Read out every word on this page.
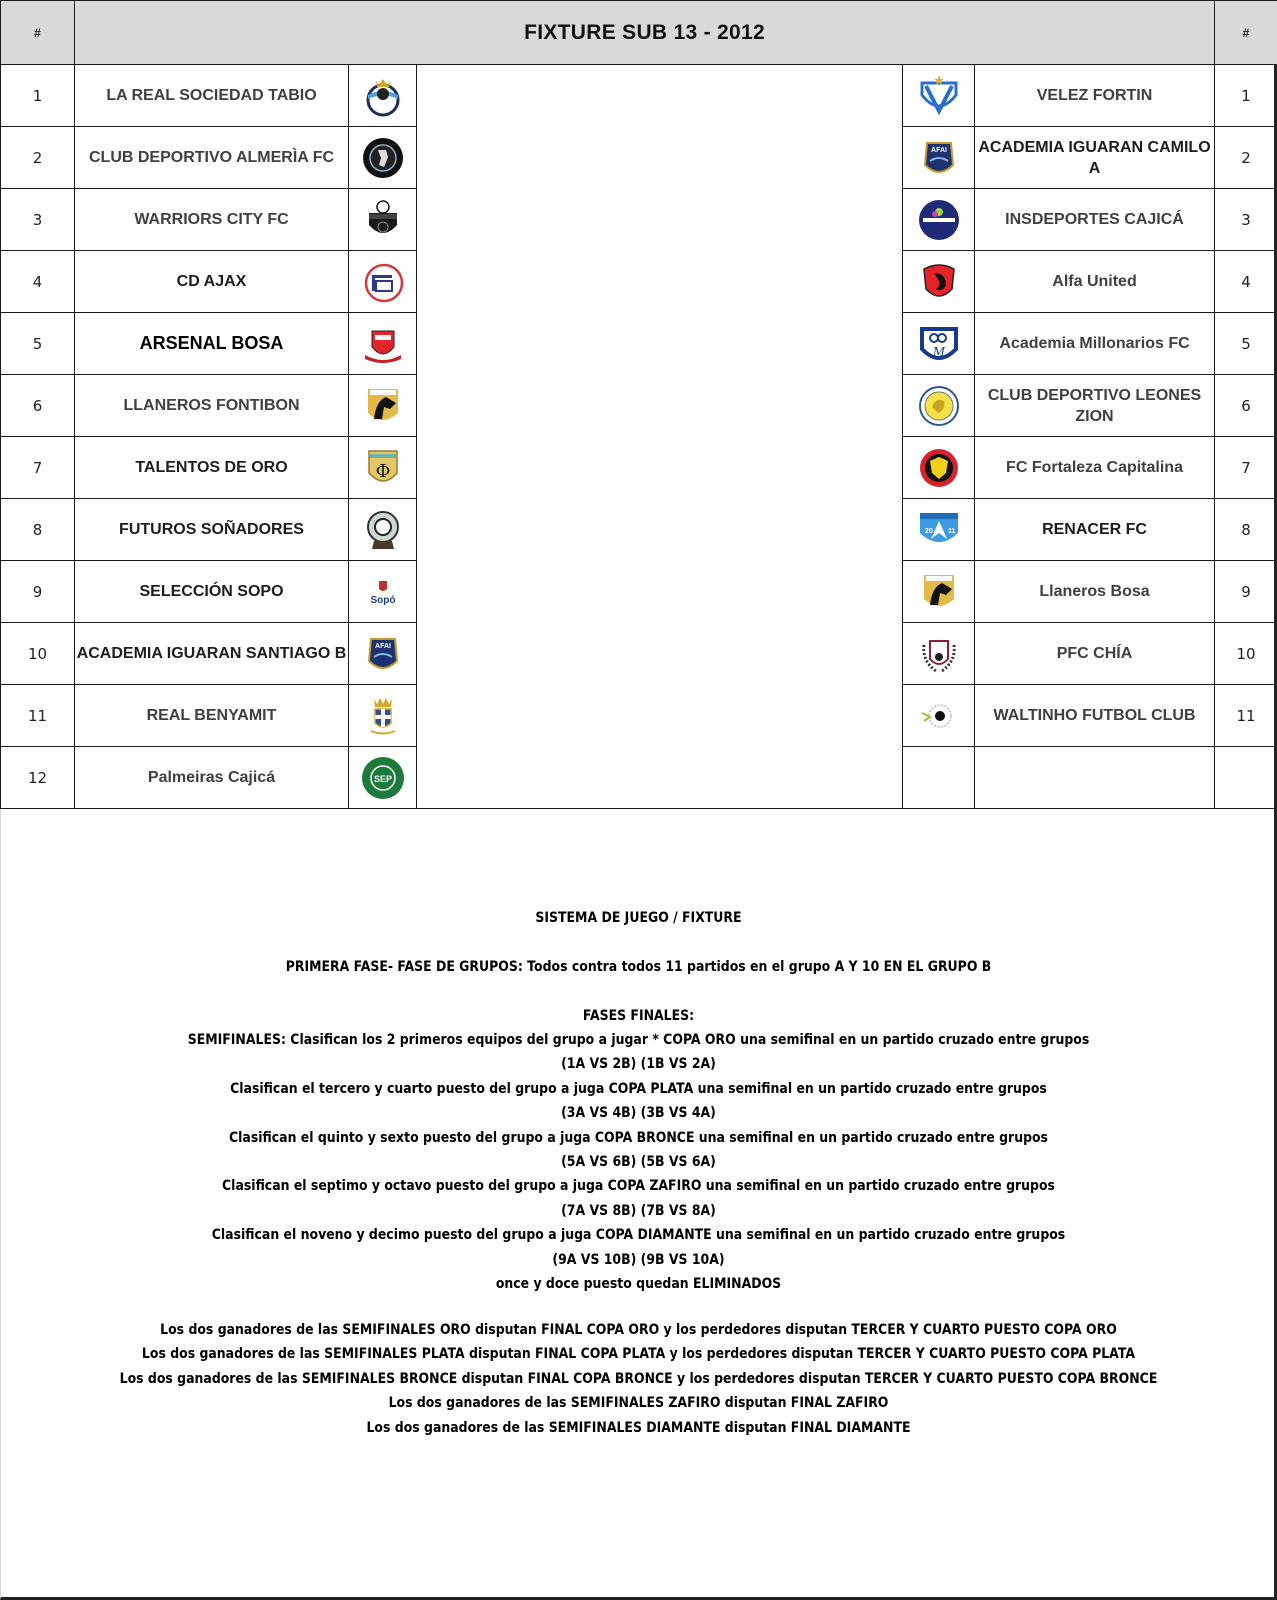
#	FIXTURE SUB 13 - 2012					#
1	LA REAL SOCIEDAD TABIO				VELEZ FORTIN	1
2	CLUB DEPORTIVO ALMERÌA FC			AFAI	ACADEMIA IGUARAN CAMILO A	2
3	WARRIORS CITY FC				INSDEPORTES CAJICÁ	3
4	CD AJAX				Alfa United	4
5	ARSENAL BOSA			M	Academia Millonarios FC	5
6	LLANEROS FONTIBON				CLUB DEPORTIVO LEONES ZION	6
7	TALENTOS DE ORO	Φ			FC Fortaleza Capitalina	7
8	FUTUROS SOÑADORES			20 11	RENACER FC	8
9	SELECCIÓN SOPO	Sopó			Llaneros Bosa	9
10	ACADEMIA IGUARAN SANTIAGO B	AFAI			PFC CHÍA	10
11	REAL BENYAMIT				WALTINHO FUTBOL CLUB	11
12	Palmeiras Cajicá	SEP				

SISTEMA DE JUEGO / FIXTURE
PRIMERA FASE- FASE DE GRUPOS: Todos contra todos 11 partidos en el grupo A Y 10 EN EL GRUPO B
FASES FINALES:
SEMIFINALES: Clasifican los 2 primeros equipos del grupo a jugar * COPA ORO una semifinal en un partido cruzado entre grupos
(1A VS 2B) (1B VS 2A)
Clasifican el tercero y cuarto puesto del grupo a juga COPA PLATA una semifinal en un partido cruzado entre grupos
(3A VS 4B) (3B VS 4A)
Clasifican el quinto y sexto puesto del grupo a juga COPA BRONCE una semifinal en un partido cruzado entre grupos
(5A VS 6B) (5B VS 6A)
Clasifican el septimo y octavo puesto del grupo a juga COPA ZAFIRO una semifinal en un partido cruzado entre grupos
(7A VS 8B) (7B VS 8A)
Clasifican el noveno y decimo puesto del grupo a juga COPA DIAMANTE una semifinal en un partido cruzado entre grupos
(9A VS 10B) (9B VS 10A)
once y doce puesto quedan ELIMINADOS
Los dos ganadores de las SEMIFINALES ORO disputan FINAL COPA ORO y los perdedores disputan TERCER Y CUARTO PUESTO COPA ORO
Los dos ganadores de las SEMIFINALES PLATA disputan FINAL COPA PLATA y los perdedores disputan TERCER Y CUARTO PUESTO COPA PLATA
Los dos ganadores de las SEMIFINALES BRONCE disputan FINAL COPA BRONCE y los perdedores disputan TERCER Y CUARTO PUESTO COPA BRONCE
Los dos ganadores de las SEMIFINALES ZAFIRO disputan FINAL ZAFIRO
Los dos ganadores de las SEMIFINALES DIAMANTE disputan FINAL DIAMANTE
